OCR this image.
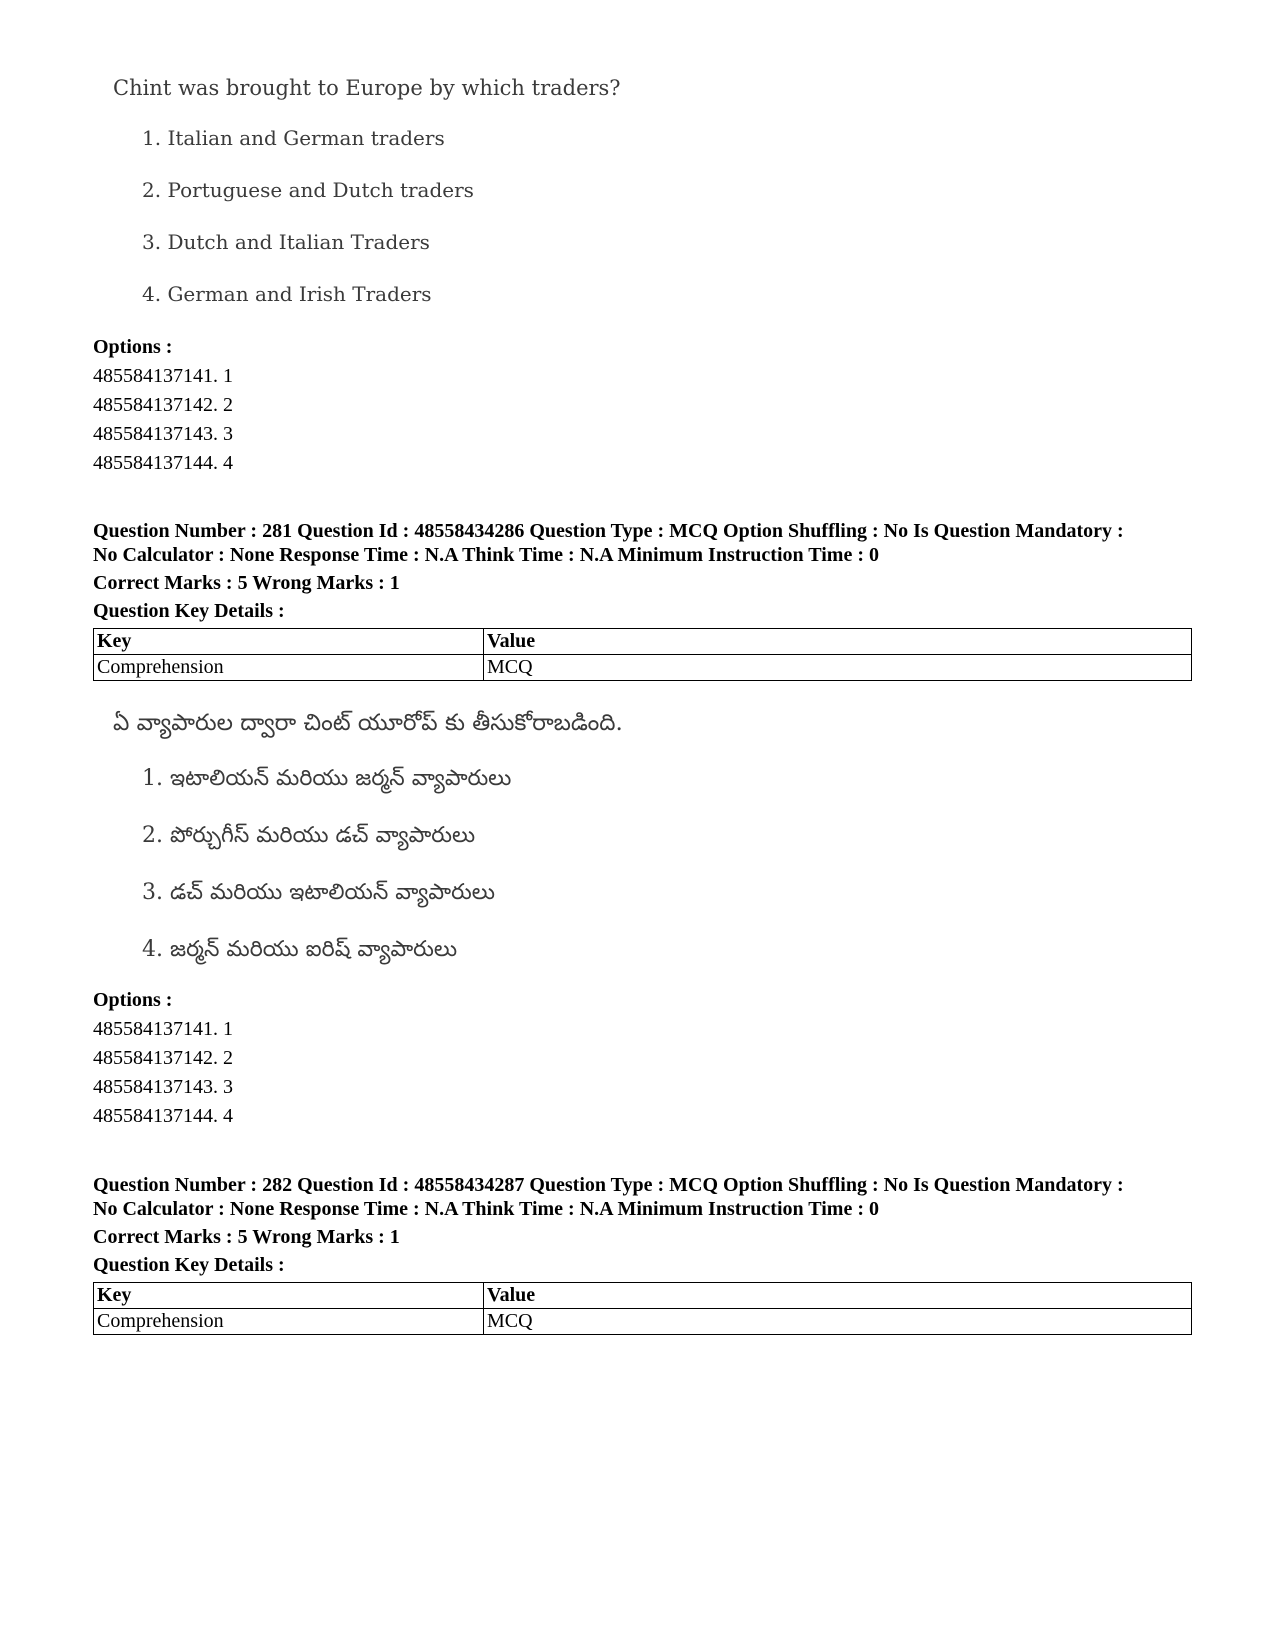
Chint was brought to Europe by which traders?
1. Italian and German traders
2. Portuguese and Dutch traders
3. Dutch and Italian Traders
4. German and Irish Traders
Options :
485584137141. 1
485584137142. 2
485584137143. 3
485584137144. 4
Question Number : 281 Question Id : 48558434286 Question Type : MCQ Option Shuffling : No Is Question Mandatory :
No Calculator : None Response Time : N.A Think Time : N.A Minimum Instruction Time : 0
Correct Marks : 5 Wrong Marks : 1
Question Key Details :
Key	Value
Comprehension	MCQ
ఏ వ్యాపారుల ద్వారా చింట్ యూరోప్ కు తీసుకోరాబడింది.
1. ఇటాలియన్ మరియు జర్మన్ వ్యాపారులు
2. పోర్చుగీస్ మరియు డచ్ వ్యాపారులు
3. డచ్ మరియు ఇటాలియన్ వ్యాపారులు
4. జర్మన్ మరియు ఐరిష్ వ్యాపారులు
Options :
485584137141. 1
485584137142. 2
485584137143. 3
485584137144. 4
Question Number : 282 Question Id : 48558434287 Question Type : MCQ Option Shuffling : No Is Question Mandatory :
No Calculator : None Response Time : N.A Think Time : N.A Minimum Instruction Time : 0
Correct Marks : 5 Wrong Marks : 1
Question Key Details :
Key	Value
Comprehension	MCQ
